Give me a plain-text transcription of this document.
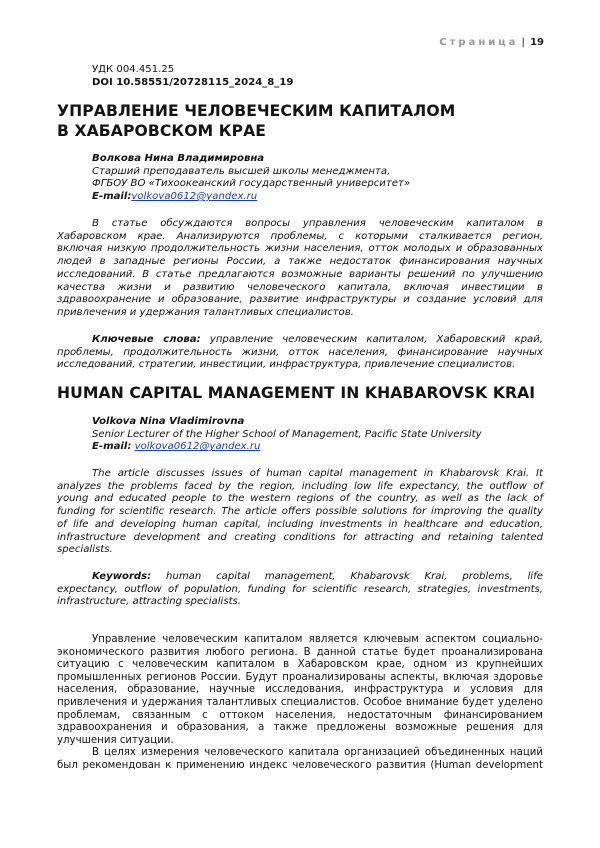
Страница | 19
УДК 004.451.25
DOI 10.58551/20728115_2024_8_19
УПРАВЛЕНИЕ ЧЕЛОВЕЧЕСКИМ КАПИТАЛОМ
В ХАБАРОВСКОМ КРАЕ
Волкова Нина Владимировна
Старший преподаватель высшей школы менеджмента,
ФГБОУ ВО «Тихоокеанский государственный университет»
E-mail:volkova0612@yandex.ru
В статье обсуждаются вопросы управления человеческим капиталом в
Хабаровском крае. Анализируются проблемы, с которыми сталкивается регион,
включая низкую продолжительность жизни населения, отток молодых и образованных
людей в западные регионы России, а также недостаток финансирования научных
исследований. В статье предлагаются возможные варианты решений по улучшению
качества жизни и развитию человеческого капитала, включая инвестиции в
здравоохранение и образование, развитие инфраструктуры и создание условий для
привлечения и удержания талантливых специалистов.
Ключевые слова: управление человеческим капиталом, Хабаровский край,
проблемы, продолжительность жизни, отток населения, финансирование научных
исследований, стратегии, инвестиции, инфраструктура, привлечение специалистов.
HUMAN CAPITAL MANAGEMENT IN KHABAROVSK KRAI
Volkova Nina Vladimirovna
Senior Lecturer of the Higher School of Management, Pacific State University
E-mail: volkova0612@yandex.ru
The article discusses issues of human capital management in Khabarovsk Krai. It
analyzes the problems faced by the region, including low life expectancy, the outflow of
young and educated people to the western regions of the country, as well as the lack of
funding for scientific research. The article offers possible solutions for improving the quality
of life and developing human capital, including investments in healthcare and education,
infrastructure development and creating conditions for attracting and retaining talented
specialists.
Keywords: human capital management, Khabarovsk Krai, problems, life
expectancy, outflow of population, funding for scientific research, strategies, investments,
infrastructure, attracting specialists.
Управление человеческим капиталом является ключевым аспектом социально-
экономического развития любого региона. В данной статье будет проанализирована
ситуацию с человеческим капиталом в Хабаровском крае, одном из крупнейших
промышленных регионов России. Будут проанализированы аспекты, включая здоровье
населения, образование, научные исследования, инфраструктура и условия для
привлечения и удержания талантливых специалистов. Особое внимание будет уделено
проблемам, связанным с оттоком населения, недостаточным финансированием
здравоохранения и образования, а также предложены возможные решения для
улучшения ситуации.
В целях измерения человеческого капитала организацией объединенных наций
был рекомендован к применению индекс человеческого развития (Human development
